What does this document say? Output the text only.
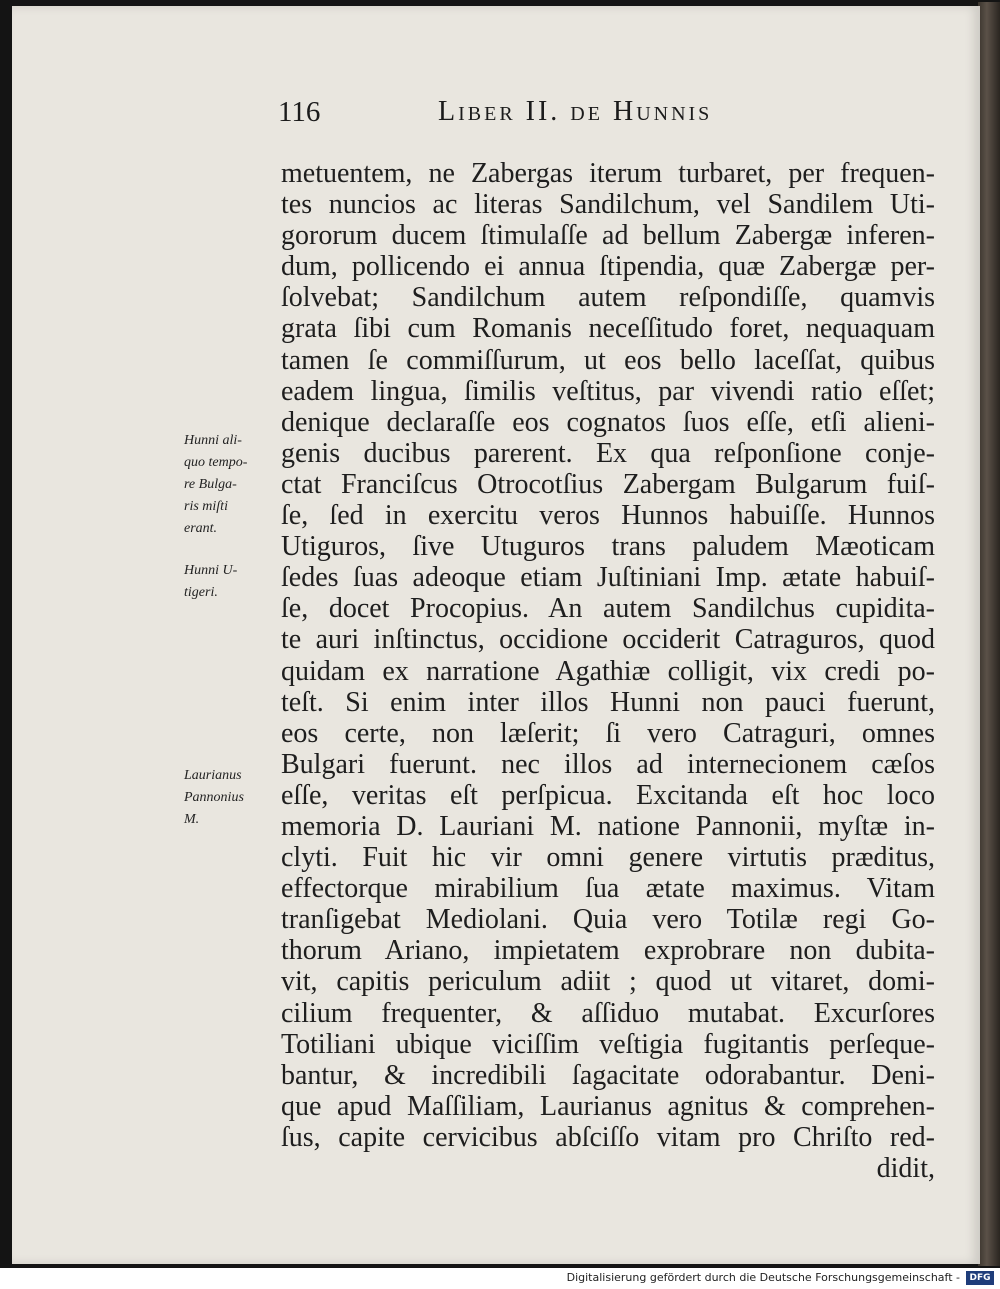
116	Liber II. de Hunnis
metuentem, ne Zabergas iterum turbaret, per frequen-
tes nuncios ac literas Sandilchum, vel Sandilem Uti-
gororum ducem ſtimulaſſe ad bellum Zabergæ inferen-
dum, pollicendo ei annua ſtipendia, quæ Zabergæ per-
ſolvebat; Sandilchum autem reſpondiſſe, quamvis
grata ſibi cum Romanis neceſſitudo foret, nequaquam
tamen ſe commiſſurum, ut eos bello laceſſat, quibus
eadem lingua, ſimilis veſtitus, par vivendi ratio eſſet;
denique declaraſſe eos cognatos ſuos eſſe, etſi alieni-
genis ducibus parerent. Ex qua reſponſione conje-
ctat Franciſcus Otrocotſius Zabergam Bulgarum fuiſ-
ſe, ſed in exercitu veros Hunnos habuiſſe. Hunnos
Utiguros, ſive Utuguros trans paludem Mæoticam
ſedes ſuas adeoque etiam Juſtiniani Imp. ætate habuiſ-
ſe, docet Procopius. An autem Sandilchus cupidita-
te auri inſtinctus, occidione occiderit Catraguros, quod
quidam ex narratione Agathiæ colligit, vix credi po-
teſt. Si enim inter illos Hunni non pauci fuerunt,
eos certe, non læſerit; ſi vero Catraguri, omnes
Bulgari fuerunt. nec illos ad internecionem cæſos
eſſe, veritas eſt perſpicua. Excitanda eſt hoc loco
memoria D. Lauriani M. natione Pannonii, myſtæ in-
clyti. Fuit hic vir omni genere virtutis præditus,
effectorque mirabilium ſua ætate maximus. Vitam
tranſigebat Mediolani. Quia vero Totilæ regi Go-
thorum Ariano, impietatem exprobrare non dubita-
vit, capitis periculum adiit ; quod ut vitaret, domi-
cilium frequenter, & aſſiduo mutabat. Excurſores
Totiliani ubique viciſſim veſtigia fugitantis perſeque-
bantur, & incredibili ſagacitate odorabantur. Deni-
que apud Maſſiliam, Laurianus agnitus & comprehen-
ſus, capite cervicibus abſciſſo vitam pro Chriſto red-
didit,
Hunni ali-
quo tempo-
re Bulga-
ris miſti
erant.
Hunni U-
tigeri.
Laurianus
Pannonius
M.
Digitalisierung gefördert durch die Deutsche Forschungsgemeinschaft -	DFG
